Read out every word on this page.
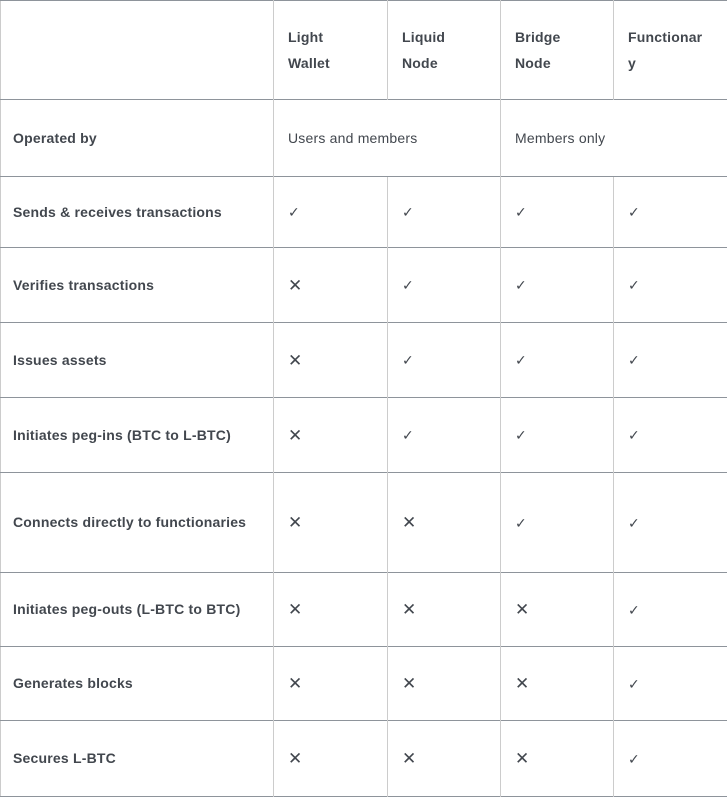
	Light Wallet	Liquid Node	Bridge Node	Functionary
Operated by	Users and members		Members only	
Sends & receives transactions	✓	✓	✓	✓
Verifies transactions	✕	✓	✓	✓
Issues assets	✕	✓	✓	✓
Initiates peg-ins (BTC to L-BTC)	✕	✓	✓	✓
Connects directly to functionaries	✕	✕	✓	✓
Initiates peg-outs (L-BTC to BTC)	✕	✕	✕	✓
Generates blocks	✕	✕	✕	✓
Secures L-BTC	✕	✕	✕	✓
